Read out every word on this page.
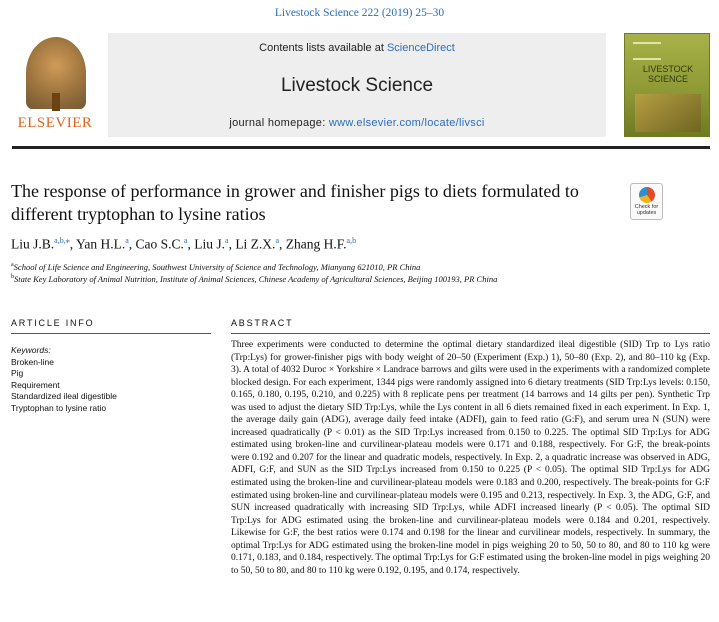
Livestock Science 222 (2019) 25–30
ELSEVIER
Contents lists available at ScienceDirect
Livestock Science
journal homepage: www.elsevier.com/locate/livsci
LIVESTOCK
SCIENCE
The response of performance in grower and finisher pigs to diets formulated to different tryptophan to lysine ratios	Check for
updates
Liu J.B.$^{a,b,⁎}$, Yan H.L.$^a$, Cao S.C.$^a$, Liu J.$^a$, Li Z.X.$^a$, Zhang H.F.$^{a,b}$
$^a$School of Life Science and Engineering, Southwest University of Science and Technology, Mianyang 621010, PR China
$^b$State Key Laboratory of Animal Nutrition, Institute of Animal Sciences, Chinese Academy of Agricultural Sciences, Beijing 100193, PR China
ARTICLE INFO	ABSTRACT
Keywords:
Broken-line
Pig
Requirement
Standardized ileal digestible
Tryptophan to lysine ratio
Three experiments were conducted to determine the optimal dietary standardized ileal digestible (SID) Trp to Lys ratio (Trp:Lys) for grower-finisher pigs with body weight of 20–50 (Experiment (Exp.) 1), 50–80 (Exp. 2), and 80–110 kg (Exp. 3). A total of 4032 Duroc × Yorkshire × Landrace barrows and gilts were used in the experiments with a randomized complete blocked design. For each experiment, 1344 pigs were randomly assigned into 6 dietary treatments (SID Trp:Lys levels: 0.150, 0.165, 0.180, 0.195, 0.210, and 0.225) with 8 replicate pens per treatment (14 barrows and 14 gilts per pen). Synthetic Trp was used to adjust the dietary SID Trp:Lys, while the Lys content in all 6 diets remained fixed in each experiment. In Exp. 1, the average daily gain (ADG), average daily feed intake (ADFI), gain to feed ratio (G:F), and serum urea N (SUN) were increased quadratically (P < 0.01) as the SID Trp:Lys increased from 0.150 to 0.225. The optimal SID Trp:Lys for ADG estimated using broken-line and curvilinear-plateau models were 0.171 and 0.188, respectively. For G:F, the break-points were 0.192 and 0.207 for the linear and quadratic models, respectively. In Exp. 2, a quadratic increase was observed in ADG, ADFI, G:F, and SUN as the SID Trp:Lys increased from 0.150 to 0.225 (P < 0.05). The optimal SID Trp:Lys for ADG estimated using the broken-line and curvilinear-plateau models were 0.183 and 0.200, respectively. The break-points for G:F estimated using broken-line and curvilinear-plateau models were 0.195 and 0.213, respectively. In Exp. 3, the ADG, G:F, and SUN increased quadratically with increasing SID Trp:Lys, while ADFI increased linearly (P < 0.05). The optimal SID Trp:Lys for ADG estimated using the broken-line and curvilinear-plateau models were 0.184 and 0.201, respectively. Likewise for G:F, the best ratios were 0.174 and 0.198 for the linear and curvilinear models, respectively. In summary, the optimal Trp:Lys for ADG estimated using the broken-line model in pigs weighing 20 to 50, 50 to 80, and 80 to 110 kg were 0.171, 0.183, and 0.184, respectively. The optimal Trp:Lys for G:F estimated using the broken-line model in pigs weighing 20 to 50, 50 to 80, and 80 to 110 kg were 0.192, 0.195, and 0.174, respectively.
